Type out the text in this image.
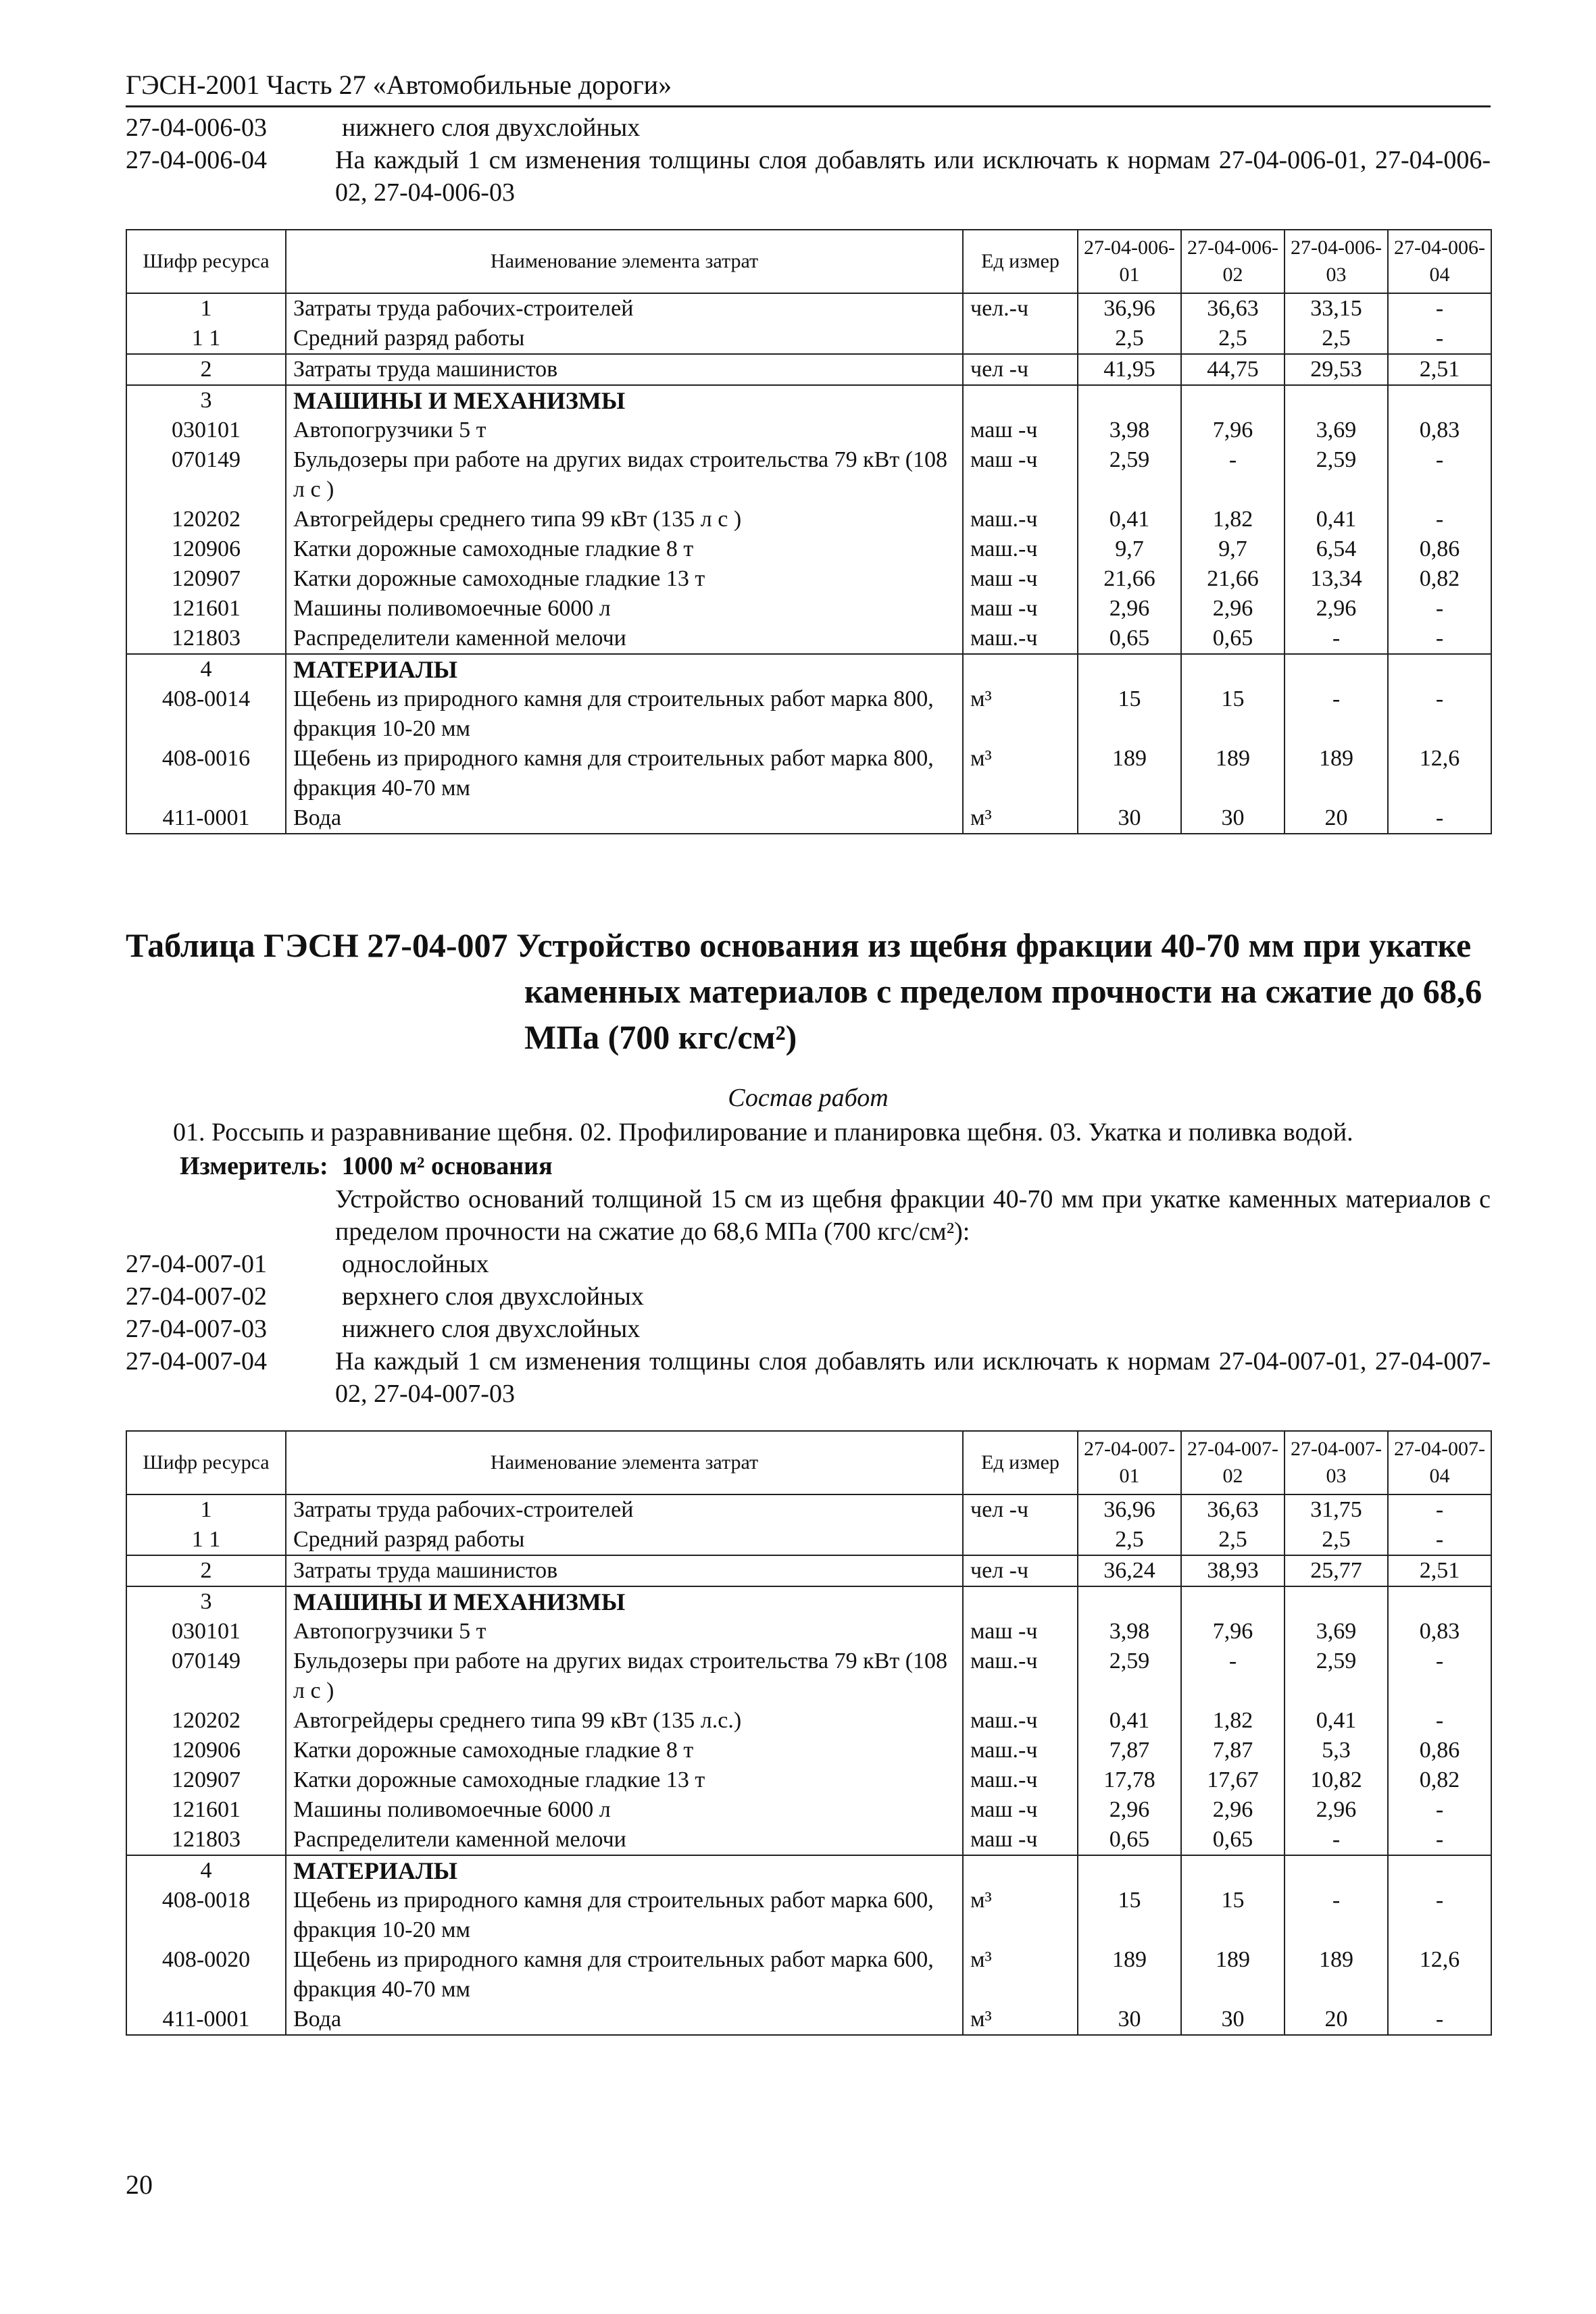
ГЭСН-2001 Часть 27 «Автомобильные дороги»
27-04-006-03	нижнего слоя двухслойных
27-04-006-04	На каждый 1 см изменения толщины слоя добавлять или исключать к нормам 27-04-006-01, 27-04-006-02, 27-04-006-03
Шифр ресурса	Наименование элемента затрат	Ед измер	27-04-006-01	27-04-006-02	27-04-006-03	27-04-006-04
1	Затраты труда рабочих-строителей	чел.-ч	36,96	36,63	33,15	-
1 1	Средний разряд работы		2,5	2,5	2,5	-
2	Затраты труда машинистов	чел -ч	41,95	44,75	29,53	2,51
3	МАШИНЫ И МЕХАНИЗМЫ					
030101	Автопогрузчики 5 т	маш -ч	3,98	7,96	3,69	0,83
070149	Бульдозеры при работе на других видах строительства 79 кВт (108 л с )	маш -ч	2,59	-	2,59	-
120202	Автогрейдеры среднего типа 99 кВт (135 л с )	маш.-ч	0,41	1,82	0,41	-
120906	Катки дорожные самоходные гладкие 8 т	маш.-ч	9,7	9,7	6,54	0,86
120907	Катки дорожные самоходные гладкие 13 т	маш -ч	21,66	21,66	13,34	0,82
121601	Машины поливомоечные 6000 л	маш -ч	2,96	2,96	2,96	-
121803	Распределители каменной мелочи	маш.-ч	0,65	0,65	-	-
4	МАТЕРИАЛЫ					
408-0014	Щебень из природного камня для строительных работ марка 800, фракция 10-20 мм	м³	15	15	-	-
408-0016	Щебень из природного камня для строительных работ марка 800, фракция 40-70 мм	м³	189	189	189	12,6
411-0001	Вода	м³	30	30	20	-
Таблица ГЭСН 27-04-007 Устройство основания из щебня фракции 40-70 мм при укатке
каменных материалов с пределом прочности на сжатие до 68,6
МПа (700 кгс/см²)
Состав работ
01. Россыпь и разравнивание щебня. 02. Профилирование и планировка щебня. 03. Укатка и поливка водой.
Измеритель: 1000 м² основания
Устройство оснований толщиной 15 см из щебня фракции 40-70 мм при укатке каменных материалов с пределом прочности на сжатие до 68,6 МПа (700 кгс/см²):
27-04-007-01	однослойных
27-04-007-02	верхнего слоя двухслойных
27-04-007-03	нижнего слоя двухслойных
27-04-007-04	На каждый 1 см изменения толщины слоя добавлять или исключать к нормам 27-04-007-01, 27-04-007-02, 27-04-007-03
Шифр ресурса	Наименование элемента затрат	Ед измер	27-04-007-01	27-04-007-02	27-04-007-03	27-04-007-04
1	Затраты труда рабочих-строителей	чел -ч	36,96	36,63	31,75	-
1 1	Средний разряд работы		2,5	2,5	2,5	-
2	Затраты труда машинистов	чел -ч	36,24	38,93	25,77	2,51
3	МАШИНЫ И МЕХАНИЗМЫ					
030101	Автопогрузчики 5 т	маш -ч	3,98	7,96	3,69	0,83
070149	Бульдозеры при работе на других видах строительства 79 кВт (108 л с )	маш.-ч	2,59	-	2,59	-
120202	Автогрейдеры среднего типа 99 кВт (135 л.с.)	маш.-ч	0,41	1,82	0,41	-
120906	Катки дорожные самоходные гладкие 8 т	маш.-ч	7,87	7,87	5,3	0,86
120907	Катки дорожные самоходные гладкие 13 т	маш.-ч	17,78	17,67	10,82	0,82
121601	Машины поливомоечные 6000 л	маш -ч	2,96	2,96	2,96	-
121803	Распределители каменной мелочи	маш -ч	0,65	0,65	-	-
4	МАТЕРИАЛЫ					
408-0018	Щебень из природного камня для строительных работ марка 600, фракция 10-20 мм	м³	15	15	-	-
408-0020	Щебень из природного камня для строительных работ марка 600, фракция 40-70 мм	м³	189	189	189	12,6
411-0001	Вода	м³	30	30	20	-
20
